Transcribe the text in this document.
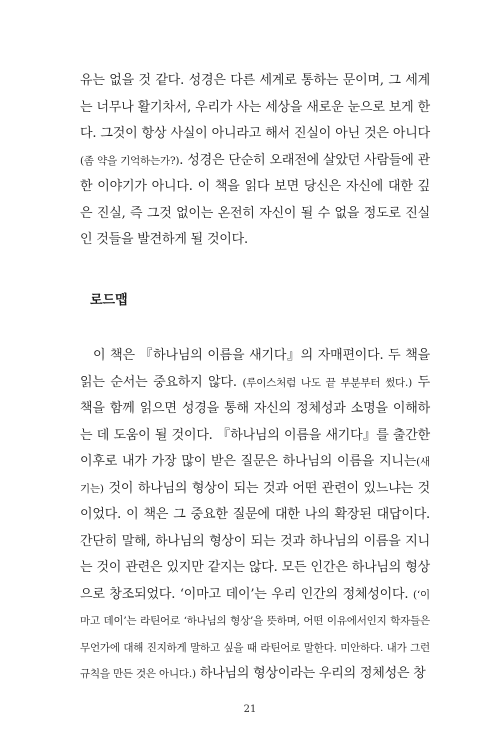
유는 없을 것 같다. 성경은 다른 세계로 통하는 문이며, 그 세계는 너무나 활기차서, 우리가 사는 세상을 새로운 눈으로 보게 한다. 그것이 항상 사실이 아니라고 해서 진실이 아닌 것은 아니다(좀 약을 기억하는가?). 성경은 단순히 오래전에 살았던 사람들에 관한 이야기가 아니다. 이 책을 읽다 보면 당신은 자신에 대한 깊은 진실, 즉 그것 없이는 온전히 자신이 될 수 없을 정도로 진실인 것들을 발견하게 될 것이다.

로드맵

이 책은 『하나님의 이름을 새기다』의 자매편이다. 두 책을 읽는 순서는 중요하지 않다. (루이스처럼 나도 끝 부분부터 썼다.) 두 책을 함께 읽으면 성경을 통해 자신의 정체성과 소명을 이해하는 데 도움이 될 것이다. 『하나님의 이름을 새기다』를 출간한 이후로 내가 가장 많이 받은 질문은 하나님의 이름을 지니는(새기는) 것이 하나님의 형상이 되는 것과 어떤 관련이 있느냐는 것이었다. 이 책은 그 중요한 질문에 대한 나의 확장된 대답이다. 간단히 말해, 하나님의 형상이 되는 것과 하나님의 이름을 지니는 것이 관련은 있지만 같지는 않다. 모든 인간은 하나님의 형상으로 창조되었다. ‘이마고 데이’는 우리 인간의 정체성이다. (‘이마고 데이’는 라틴어로 ‘하나님의 형상’을 뜻하며, 어떤 이유에서인지 학자들은 무언가에 대해 진지하게 말하고 싶을 때 라틴어로 말한다. 미안하다. 내가 그런 규칙을 만든 것은 아니다.) 하나님의 형상이라는 우리의 정체성은 창

21
